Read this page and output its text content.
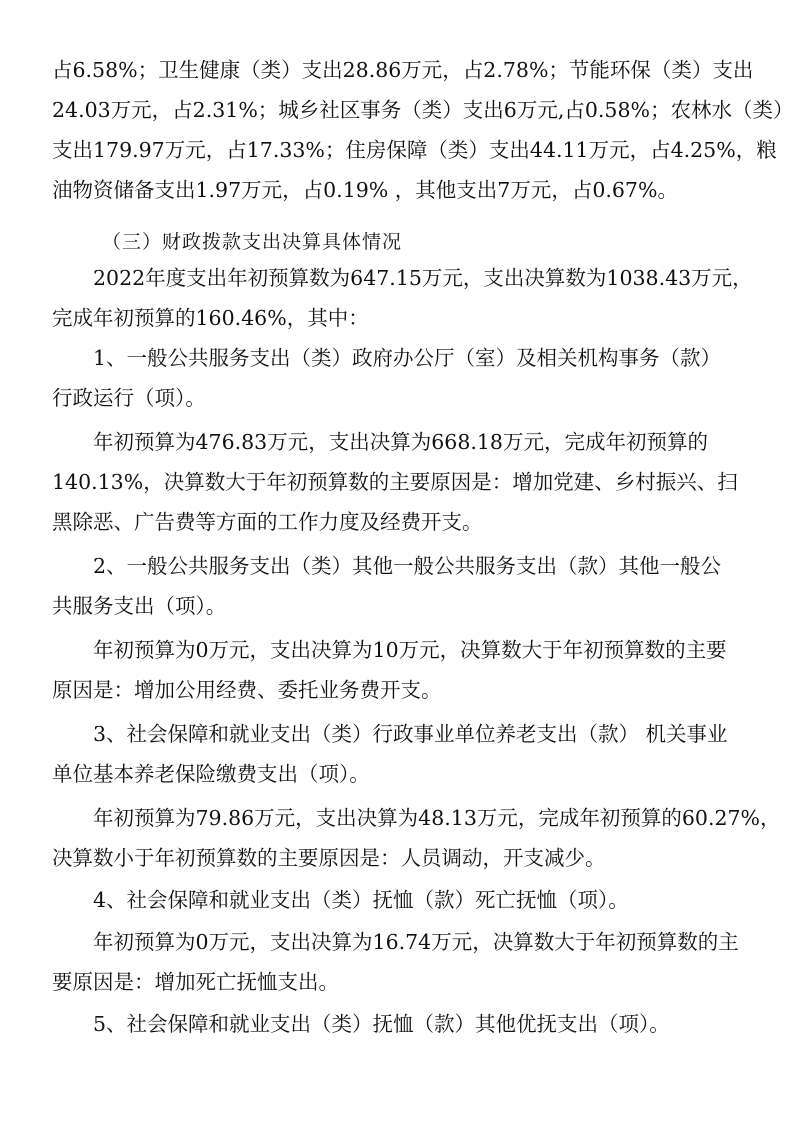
占6.58%；卫生健康（类）支出28.86万元，占2.78%；节能环保（类）支出
24.03万元，占2.31%；城乡社区事务（类）支出6万元,占0.58%；农林水（类）
支出179.97万元，占17.33%；住房保障（类）支出44.11万元，占4.25%，粮
油物资储备支出1.97万元，占0.19% ，其他支出7万元，占0.67%。
（三）财政拨款支出决算具体情况
2022年度支出年初预算数为647.15万元，支出决算数为1038.43万元，
完成年初预算的160.46%，其中：
1、一般公共服务支出（类）政府办公厅（室）及相关机构事务（款）
行政运行（项）。
年初预算为476.83万元，支出决算为668.18万元，完成年初预算的
140.13%，决算数大于年初预算数的主要原因是：增加党建、乡村振兴、扫
黑除恶、广告费等方面的工作力度及经费开支。
2、一般公共服务支出（类）其他一般公共服务支出（款）其他一般公
共服务支出（项）。
年初预算为0万元，支出决算为10万元，决算数大于年初预算数的主要
原因是：增加公用经费、委托业务费开支。
3、社会保障和就业支出（类）行政事业单位养老支出（款） 机关事业
单位基本养老保险缴费支出（项）。
年初预算为79.86万元，支出决算为48.13万元，完成年初预算的60.27%，
决算数小于年初预算数的主要原因是：人员调动，开支减少。
4、社会保障和就业支出（类）抚恤（款）死亡抚恤（项）。
年初预算为0万元，支出决算为16.74万元，决算数大于年初预算数的主
要原因是：增加死亡抚恤支出。
5、社会保障和就业支出（类）抚恤（款）其他优抚支出（项）。
